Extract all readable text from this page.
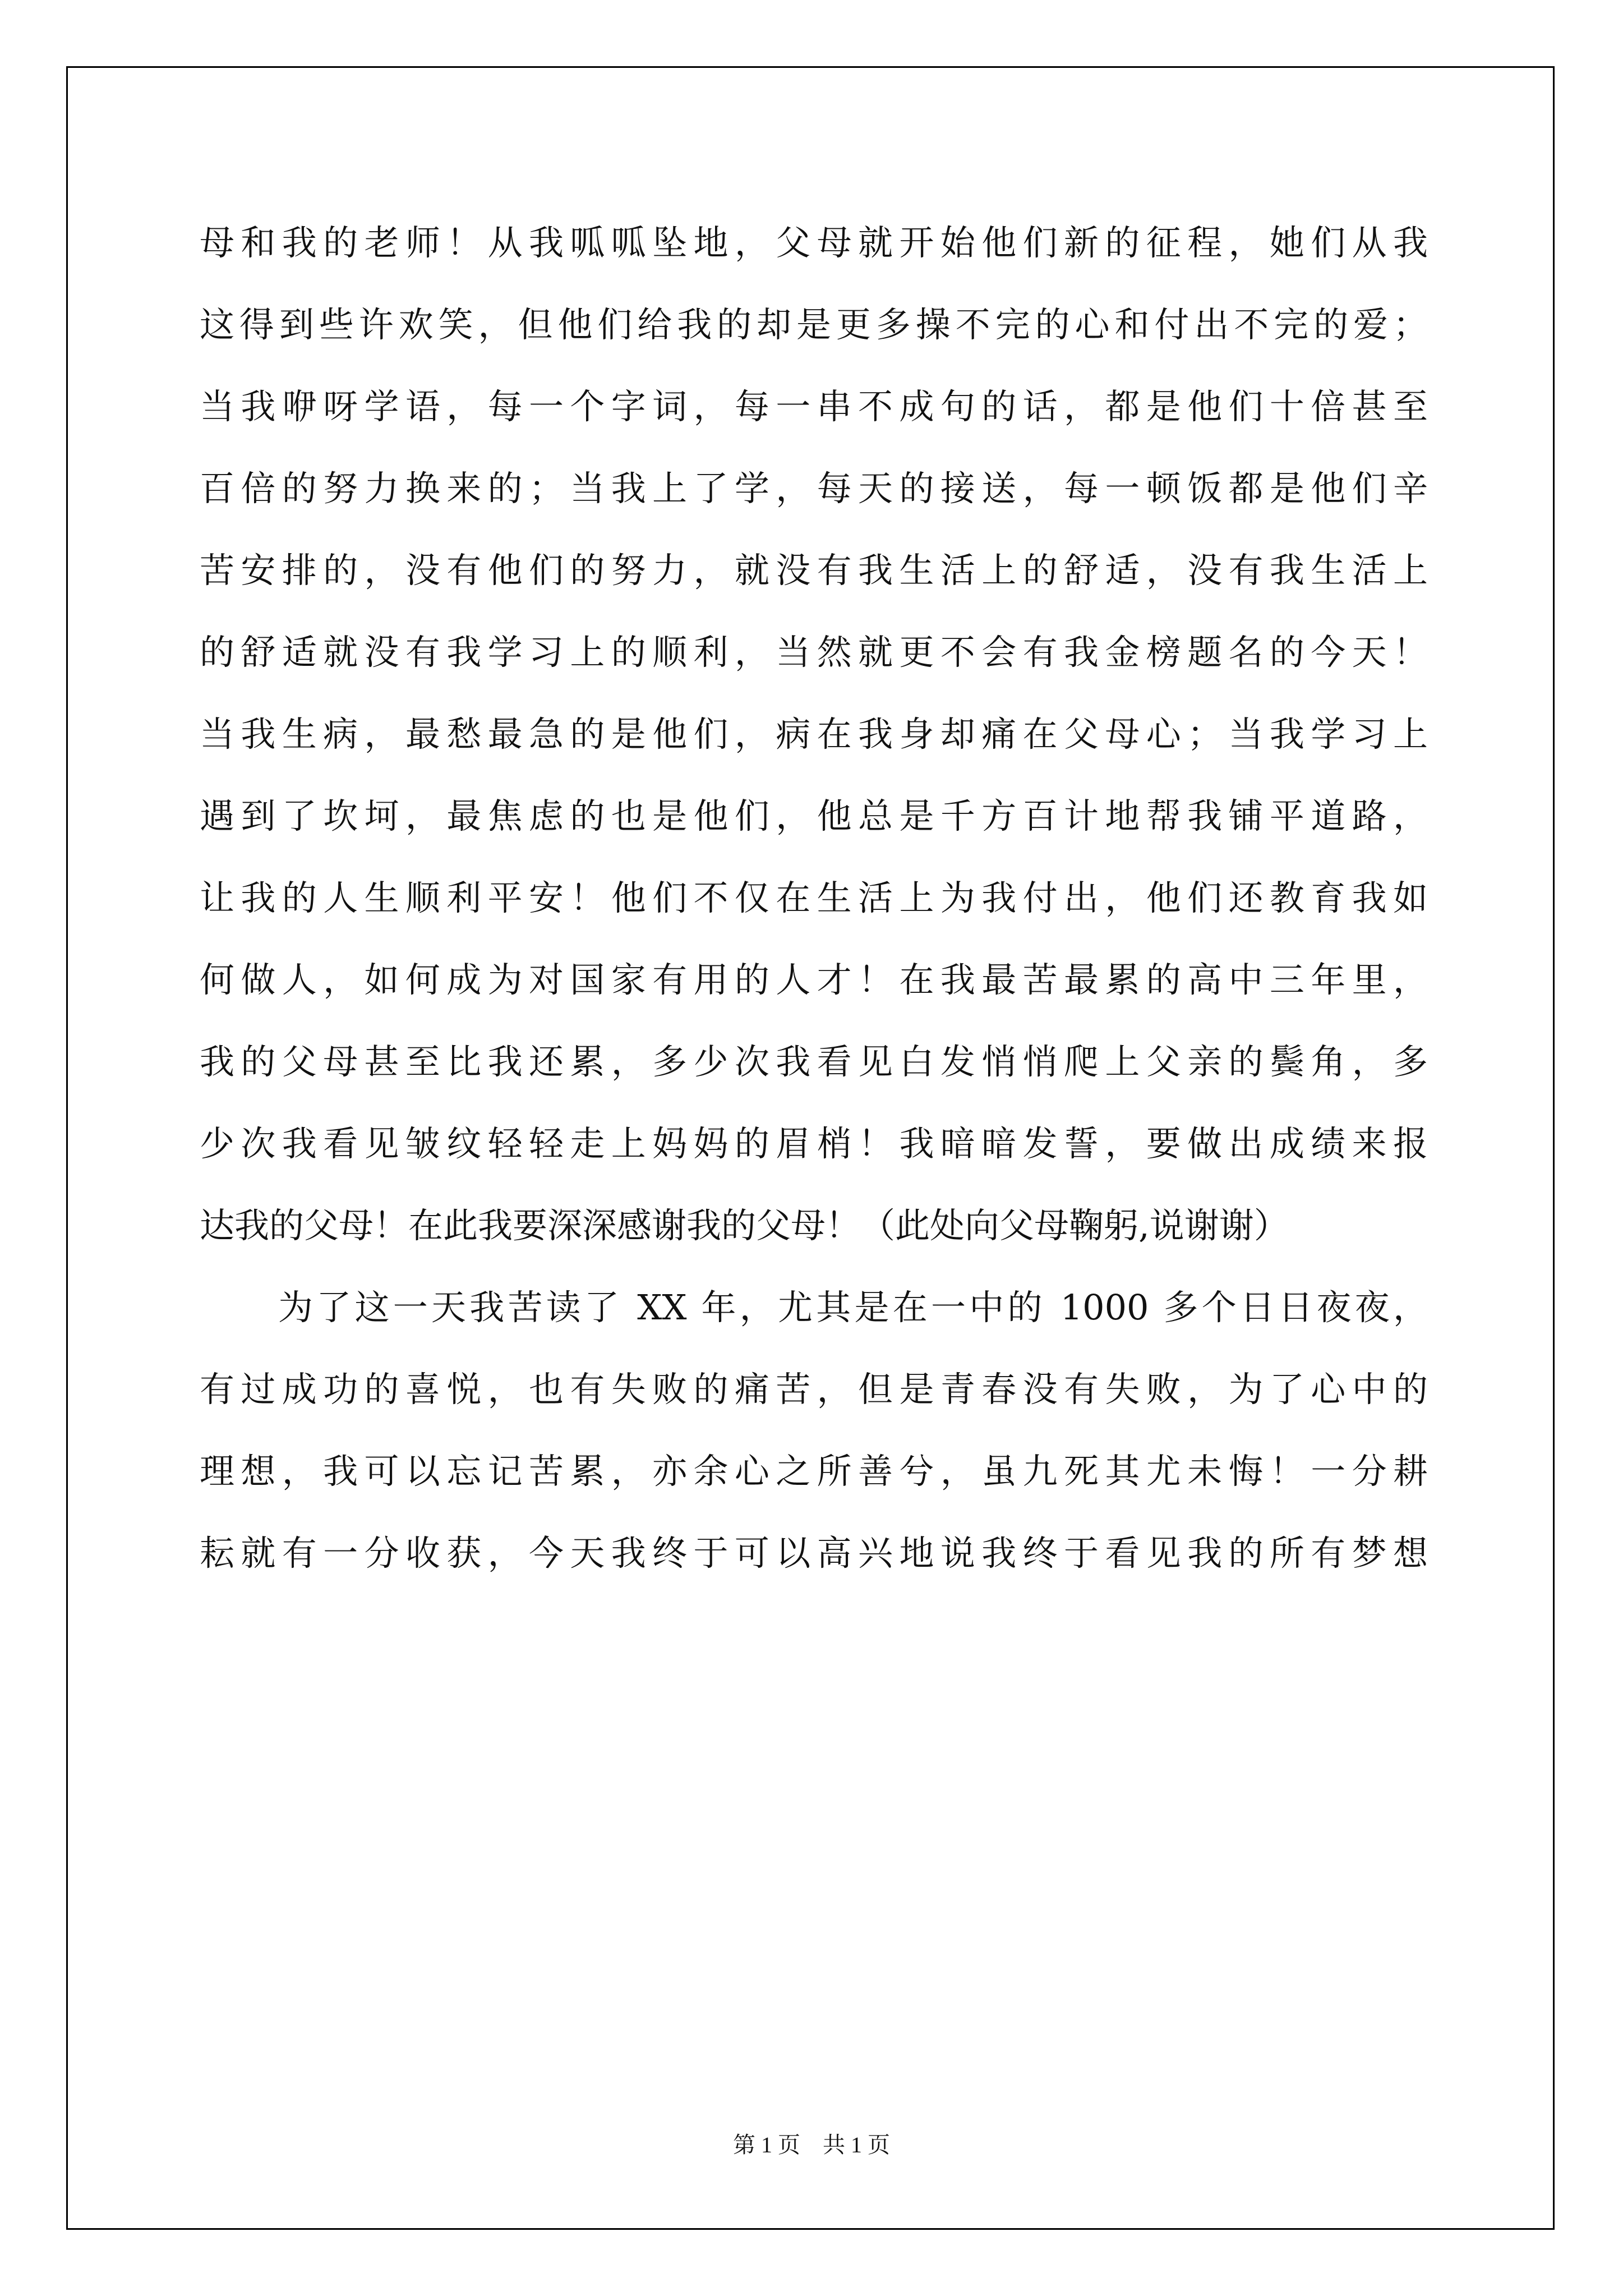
母和我的老师！从我呱呱坠地，父母就开始他们新的征程，她们从我
这得到些许欢笑，但他们给我的却是更多操不完的心和付出不完的爱；
当我咿呀学语，每一个字词，每一串不成句的话，都是他们十倍甚至
百倍的努力换来的；当我上了学，每天的接送，每一顿饭都是他们辛
苦安排的，没有他们的努力，就没有我生活上的舒适，没有我生活上
的舒适就没有我学习上的顺利，当然就更不会有我金榜题名的今天！
当我生病，最愁最急的是他们，病在我身却痛在父母心；当我学习上
遇到了坎坷，最焦虑的也是他们，他总是千方百计地帮我铺平道路，
让我的人生顺利平安！他们不仅在生活上为我付出，他们还教育我如
何做人，如何成为对国家有用的人才！在我最苦最累的高中三年里，
我的父母甚至比我还累，多少次我看见白发悄悄爬上父亲的鬓角，多
少次我看见皱纹轻轻走上妈妈的眉梢！我暗暗发誓，要做出成绩来报
达我的父母！在此我要深深感谢我的父母！（此处向父母鞠躬,说谢谢）
为了这一天我苦读了 XX 年，尤其是在一中的 1000 多个日日夜夜，
有过成功的喜悦，也有失败的痛苦，但是青春没有失败，为了心中的
理想，我可以忘记苦累，亦余心之所善兮，虽九死其尤未悔！一分耕
耘就有一分收获，今天我终于可以高兴地说我终于看见我的所有梦想
第 1 页    共 1 页
